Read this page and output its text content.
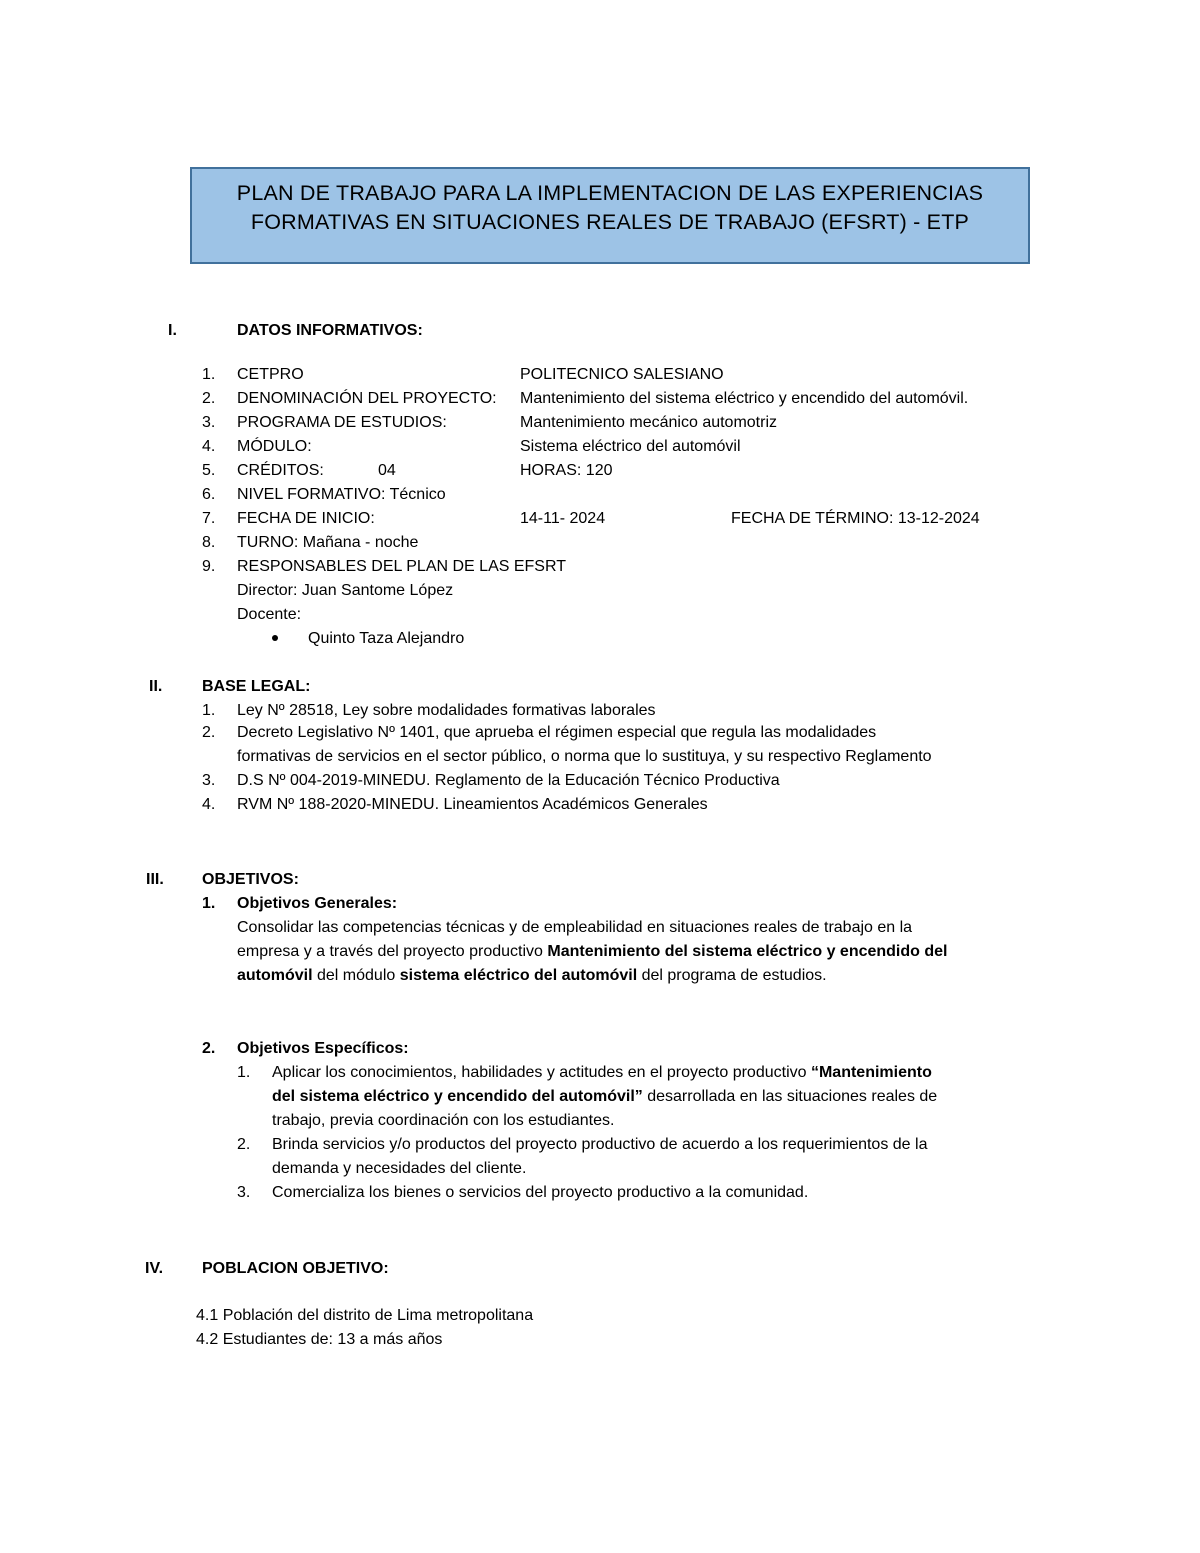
PLAN DE TRABAJO PARA LA IMPLEMENTACION DE LAS EXPERIENCIAS
FORMATIVAS EN SITUACIONES REALES DE TRABAJO (EFSRT) - ETP
I.	DATOS INFORMATIVOS:
1. CETPRO	POLITECNICO SALESIANO
2. DENOMINACIÓN DEL PROYECTO: Mantenimiento del sistema eléctrico y encendido del automóvil.
3. PROGRAMA DE ESTUDIOS:	Mantenimiento mecánico automotriz
4. MÓDULO:	Sistema eléctrico del automóvil
5. CRÉDITOS:	04	HORAS: 120
6. NIVEL FORMATIVO: Técnico
7. FECHA DE INICIO:	14-11- 2024	FECHA DE TÉRMINO: 13-12-2024
8. TURNO: Mañana - noche
9. RESPONSABLES DEL PLAN DE LAS EFSRT
Director: Juan Santome López
Docente:
Quinto Taza Alejandro
II. BASE LEGAL:
1. Ley Nº 28518, Ley sobre modalidades formativas laborales
2. Decreto Legislativo Nº 1401, que aprueba el régimen especial que regula las modalidades
formativas de servicios en el sector público, o norma que lo sustituya, y su respectivo Reglamento
3. D.S Nº 004-2019-MINEDU. Reglamento de la Educación Técnico Productiva
4. RVM Nº 188-2020-MINEDU. Lineamientos Académicos Generales
III. OBJETIVOS:
1. Objetivos Generales:
Consolidar las competencias técnicas y de empleabilidad en situaciones reales de trabajo en la
empresa y a través del proyecto productivo Mantenimiento del sistema eléctrico y encendido del
automóvil del módulo sistema eléctrico del automóvil del programa de estudios.
2. Objetivos Específicos:
1. Aplicar los conocimientos, habilidades y actitudes en el proyecto productivo “Mantenimiento
del sistema eléctrico y encendido del automóvil” desarrollada en las situaciones reales de
trabajo, previa coordinación con los estudiantes.
2. Brinda servicios y/o productos del proyecto productivo de acuerdo a los requerimientos de la
demanda y necesidades del cliente.
3. Comercializa los bienes o servicios del proyecto productivo a la comunidad.
IV. POBLACION OBJETIVO:
4.1 Población del distrito de Lima metropolitana
4.2 Estudiantes de: 13 a más años
